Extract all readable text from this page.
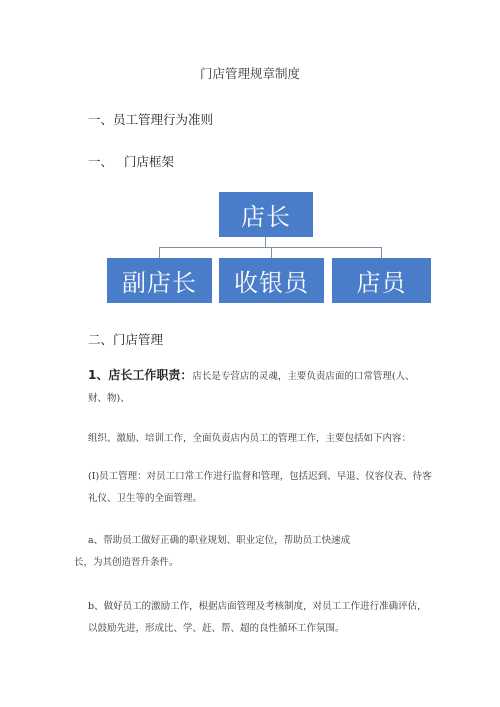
门店管理规章制度
一、员工管理行为准则
一、 门店框架
店长
副店长	收银员	店员
二、门店管理
1、店长工作职责：店长是专营店的灵魂，主要负责店面的口常管理(人、财、物)、
组织、激励、培训工作，全面负责店内员工的管理工作，主要包括如下内容：
(I)员工管理：对员工口常工作进行监督和管理，包括迟到、早退、仪容仪表、待客礼仪、卫生等的全面管理。
a、帮助员工做好正确的职业规划、职业定位，帮助员工快速成
长，为其创造晋升条件。
b、做好员工的激励工作，根据店面管理及考核制度，对员工工作进行准确评估，以鼓励先进，形成比、学、赶、帮、超的良性循环工作氛围。
